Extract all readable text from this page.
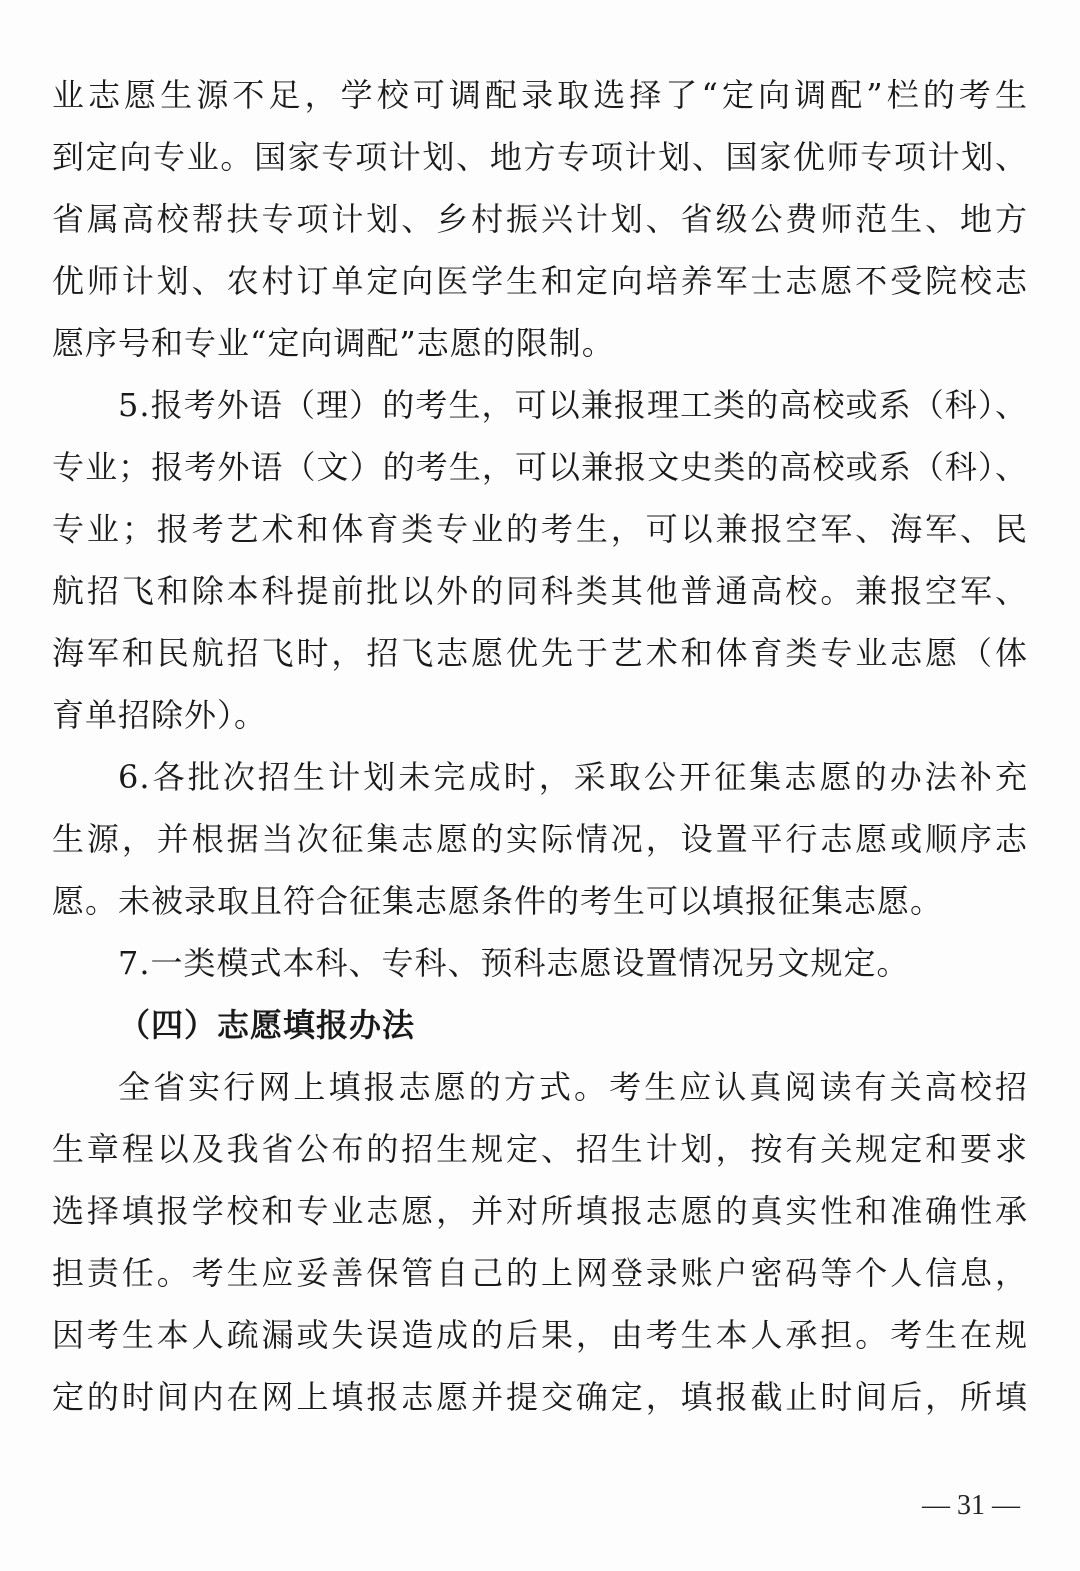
业志愿生源不足，学校可调配录取选择了“定向调配”栏的考生
到定向专业。国家专项计划、地方专项计划、国家优师专项计划、
省属高校帮扶专项计划、乡村振兴计划、省级公费师范生、地方
优师计划、农村订单定向医学生和定向培养军士志愿不受院校志
愿序号和专业“定向调配”志愿的限制。
5.报考外语（理）的考生，可以兼报理工类的高校或系（科）、
专业；报考外语（文）的考生，可以兼报文史类的高校或系（科）、
专业；报考艺术和体育类专业的考生，可以兼报空军、海军、民
航招飞和除本科提前批以外的同科类其他普通高校。兼报空军、
海军和民航招飞时，招飞志愿优先于艺术和体育类专业志愿（体
育单招除外）。
6.各批次招生计划未完成时，采取公开征集志愿的办法补充
生源，并根据当次征集志愿的实际情况，设置平行志愿或顺序志
愿。未被录取且符合征集志愿条件的考生可以填报征集志愿。
7.一类模式本科、专科、预科志愿设置情况另文规定。
（四）志愿填报办法
全省实行网上填报志愿的方式。考生应认真阅读有关高校招
生章程以及我省公布的招生规定、招生计划，按有关规定和要求
选择填报学校和专业志愿，并对所填报志愿的真实性和准确性承
担责任。考生应妥善保管自己的上网登录账户密码等个人信息，
因考生本人疏漏或失误造成的后果，由考生本人承担。考生在规
定的时间内在网上填报志愿并提交确定，填报截止时间后，所填
— 31 —
